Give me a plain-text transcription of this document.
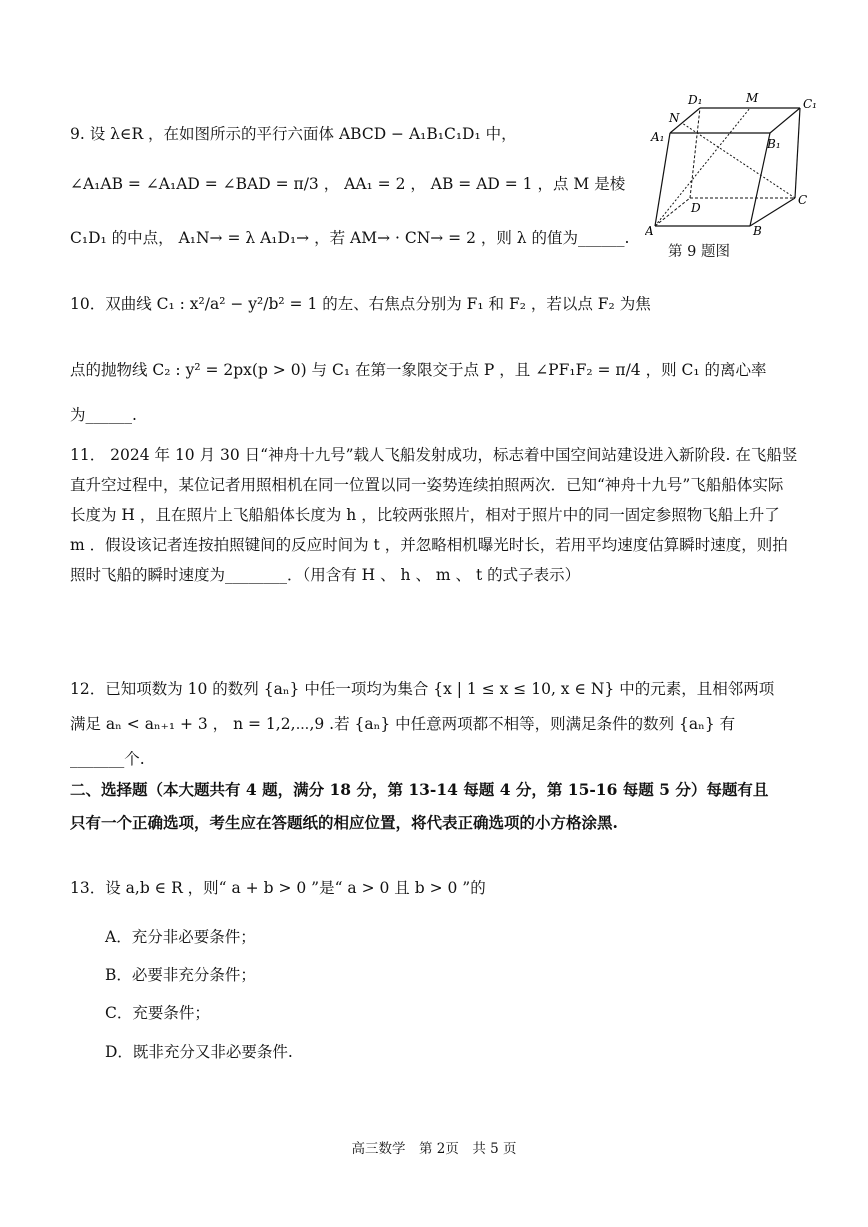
9. 设 λ∈R ，在如图所示的平行六面体 ABCD − A₁B₁C₁D₁ 中，
∠A₁AB = ∠A₁AD = ∠BAD = π/3 ， AA₁ = 2 ， AB = AD = 1 ，点 M 是棱
C₁D₁ 的中点， A₁N→ = λ A₁D₁→ ，若 AM→ · CN→ = 2 ，则 λ 的值为______.
D₁	M	C₁
N
A₁	B₁
D
C
A	B
第 9 题图
10．双曲线 C₁ : x²/a² − y²/b² = 1 的左、右焦点分别为 F₁ 和 F₂ ，若以点 F₂ 为焦
点的抛物线 C₂ : y² = 2px(p > 0) 与 C₁ 在第一象限交于点 P ，且 ∠PF₁F₂ = π/4 ，则 C₁ 的离心率
为______.
11． 2024 年 10 月 30 日“神舟十九号”载人飞船发射成功，标志着中国空间站建设进入新阶段. 在飞船竖直升空过程中，某位记者用照相机在同一位置以同一姿势连续拍照两次．已知“神舟十九号”飞船船体实际长度为 H ，且在照片上飞船船体长度为 h ，比较两张照片，相对于照片中的同一固定参照物飞船上升了 m ．假设该记者连按拍照键间的反应时间为 t ，并忽略相机曝光时长，若用平均速度估算瞬时速度，则拍照时飞船的瞬时速度为________．（用含有 H 、 h 、 m 、 t 的式子表示）
12．已知项数为 10 的数列 {aₙ} 中任一项均为集合 {x | 1 ≤ x ≤ 10, x ∈ N} 中的元素，且相邻两项
满足 aₙ < aₙ₊₁ + 3 ， n = 1,2,⋯,9 .若 {aₙ} 中任意两项都不相等，则满足条件的数列 {aₙ} 有
_______个.
二、选择题（本大题共有 4 题，满分 18 分，第 13-14 每题 4 分，第 15-16 每题 5 分）每题有且
只有一个正确选项，考生应在答题纸的相应位置，将代表正确选项的小方格涂黑.
13．设 a,b ∈ R ，则“ a + b > 0 ”是“ a > 0 且 b > 0 ”的
A．充分非必要条件；
B．必要非充分条件；
C．充要条件；
D．既非充分又非必要条件.
高三数学　第 2页　共 5 页
